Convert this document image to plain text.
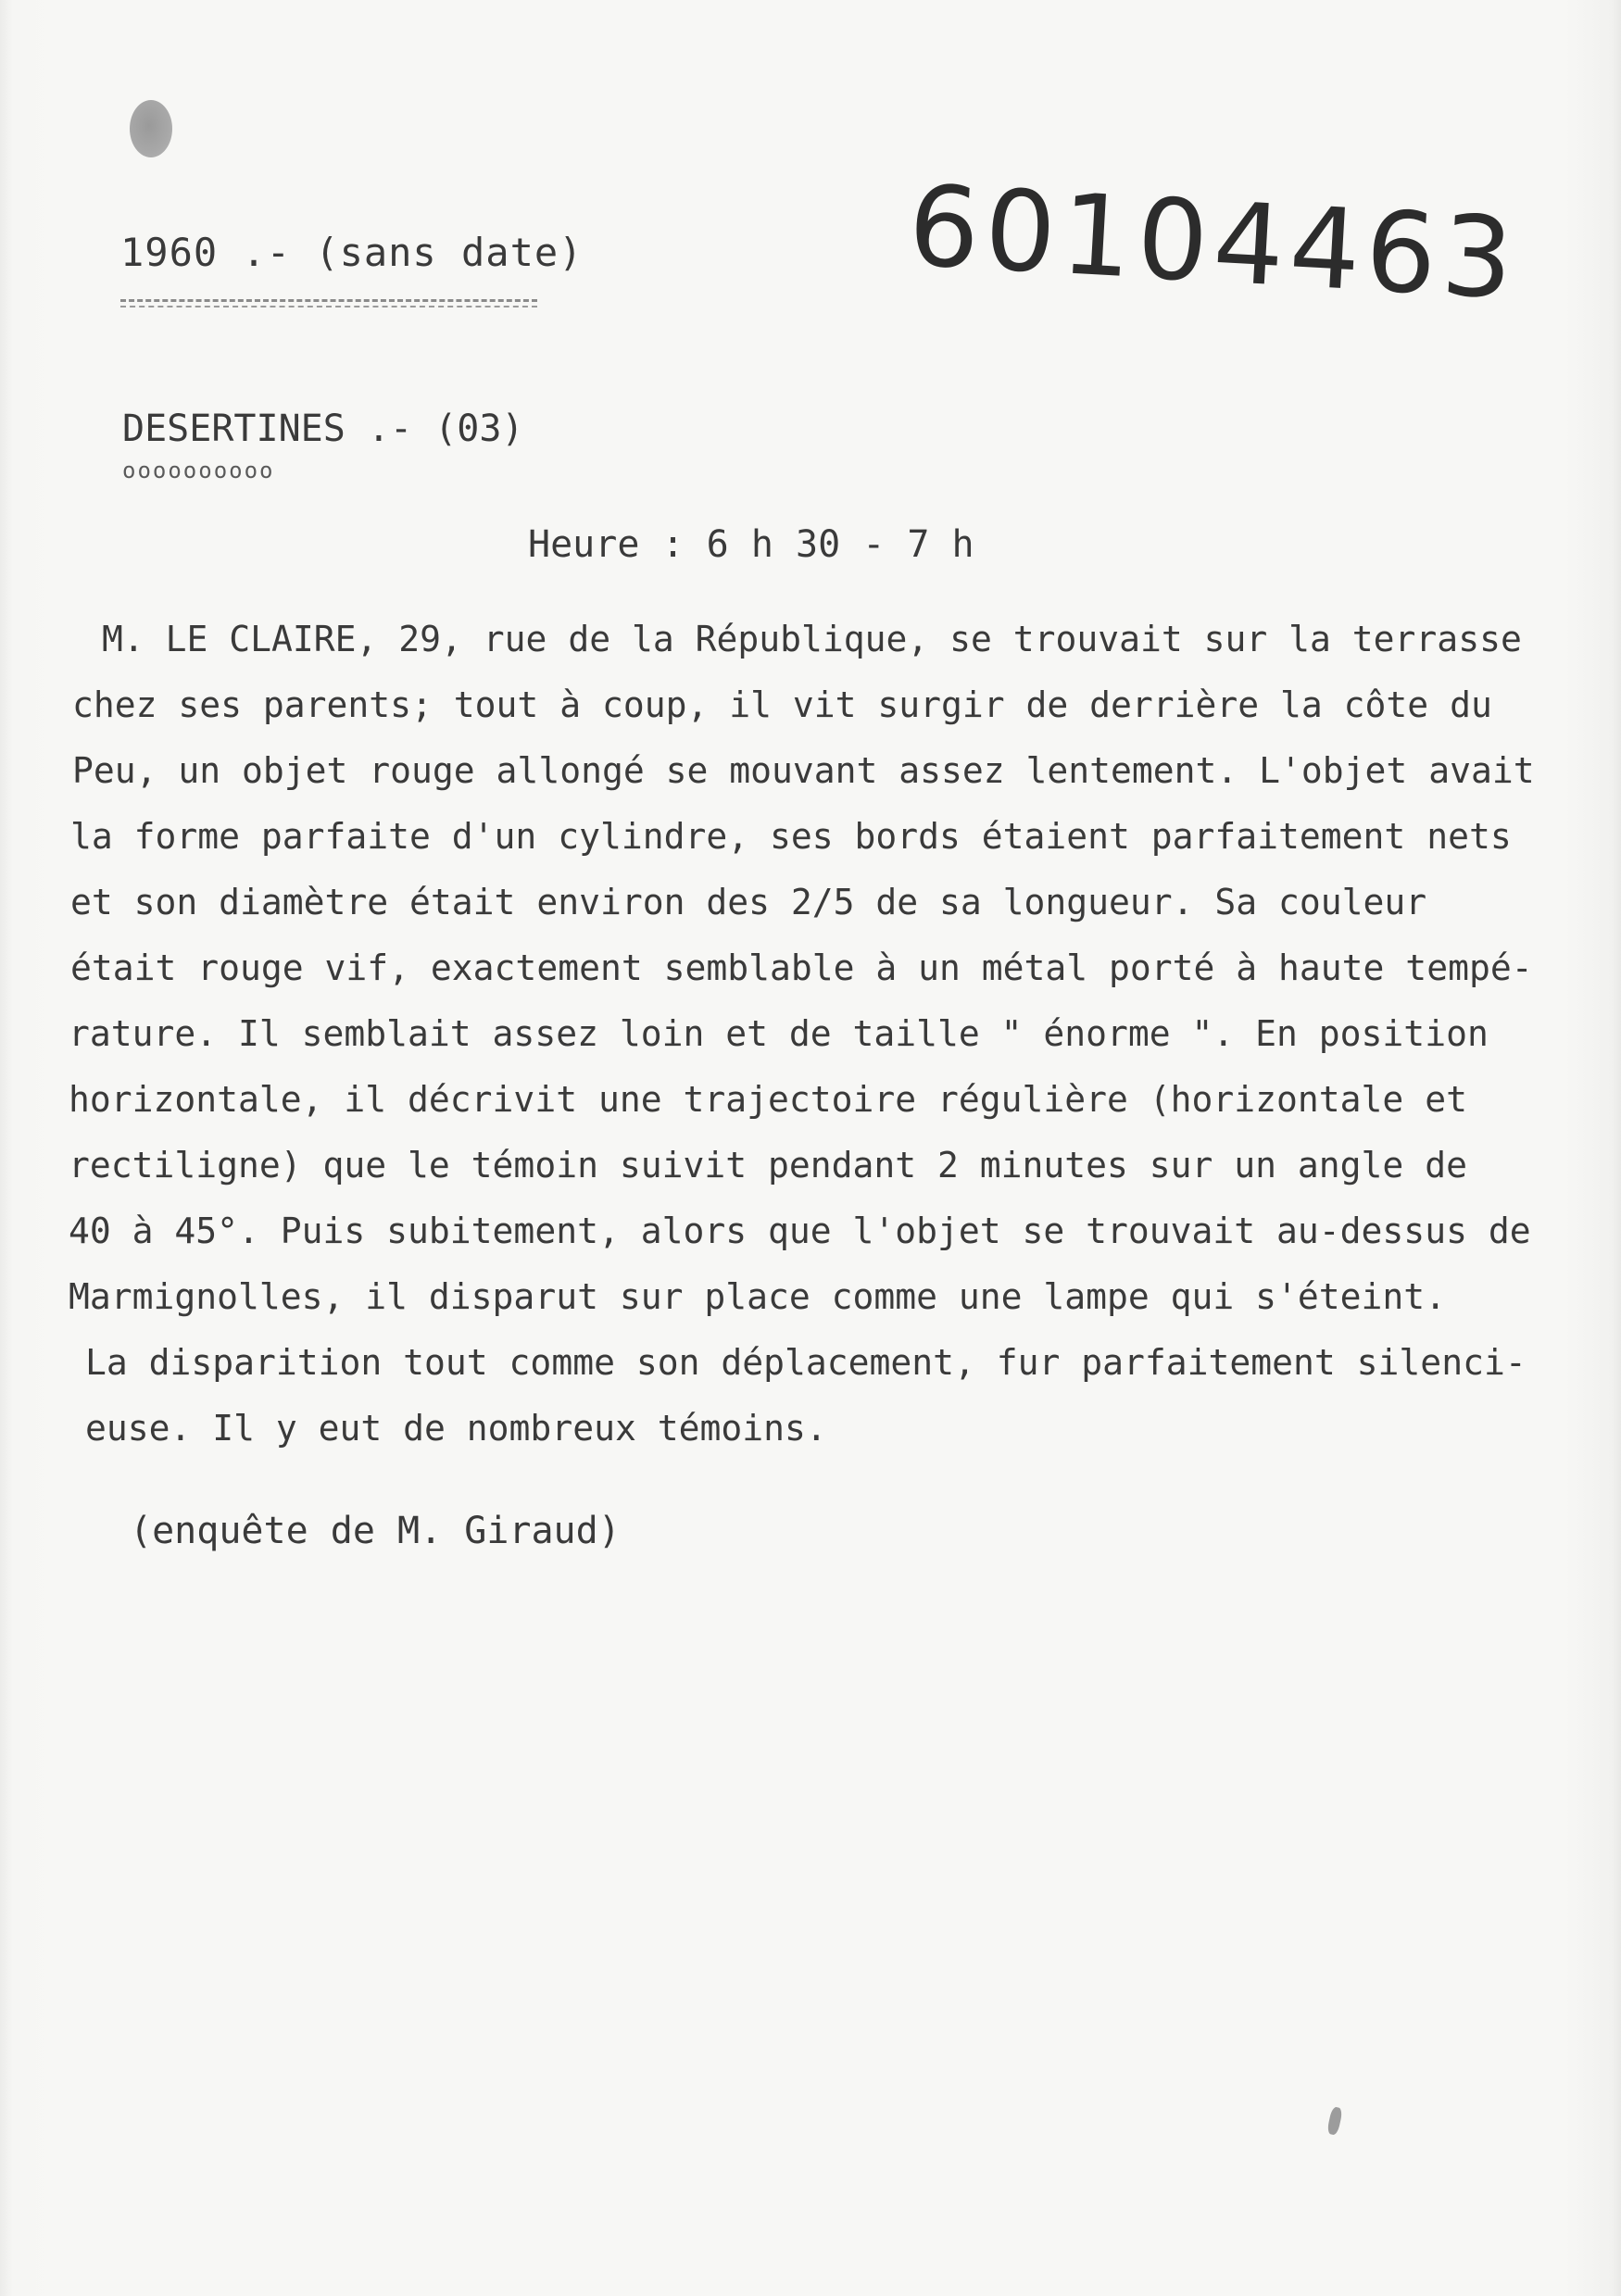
60104463
1960 .- (sans date)
DESERTINES .- (03)
oooooooooo
Heure : 6 h 30 - 7 h
M. LE CLAIRE, 29, rue de la République, se trouvait sur la terrasse
chez ses parents; tout à coup, il vit surgir de derrière la côte du
Peu, un objet rouge allongé se mouvant assez lentement. L'objet avait
la forme parfaite d'un cylindre, ses bords étaient parfaitement nets
et son diamètre était environ des 2/5 de sa longueur. Sa couleur
était rouge vif, exactement semblable à un métal porté à haute tempé-
rature. Il semblait assez loin et de taille " énorme ". En position
horizontale, il décrivit une trajectoire régulière (horizontale et
rectiligne) que le témoin suivit pendant 2 minutes sur un angle de
40 à 45°. Puis subitement, alors que l'objet se trouvait au-dessus de
Marmignolles, il disparut sur place comme une lampe qui s'éteint.
La disparition tout comme son déplacement, fur parfaitement silenci-
euse. Il y eut de nombreux témoins.
(enquête de M. Giraud)
